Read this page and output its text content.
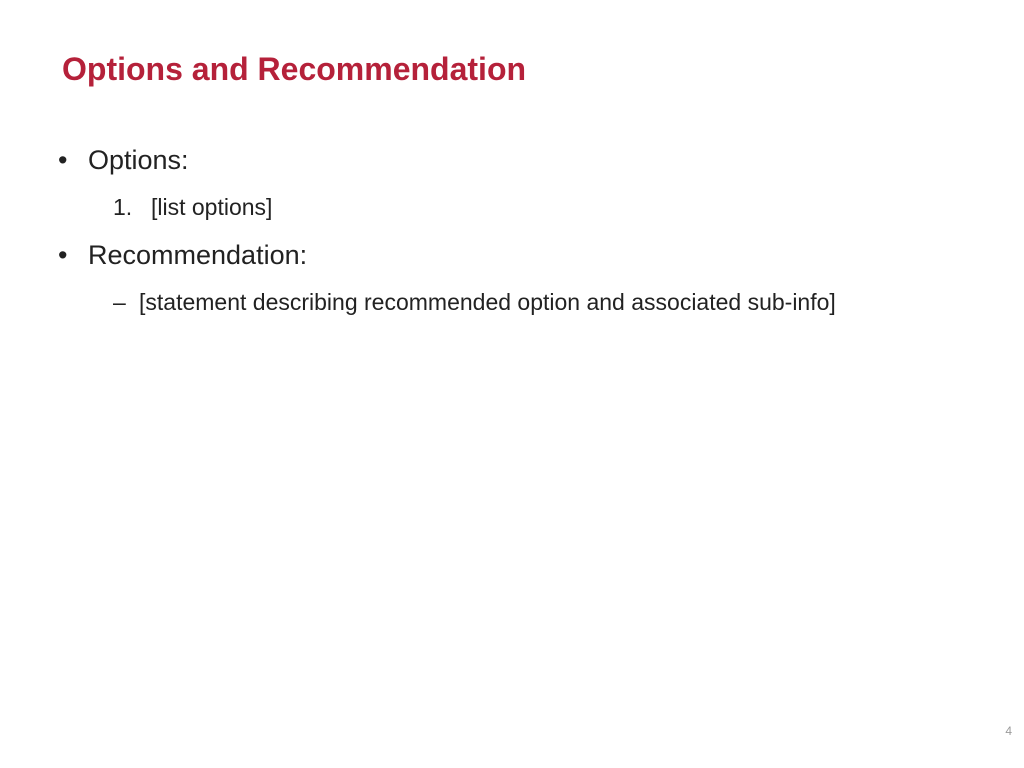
Options and Recommendation
• Options:
1. [list options]
• Recommendation:
– [statement describing recommended option and associated sub-info]
4
